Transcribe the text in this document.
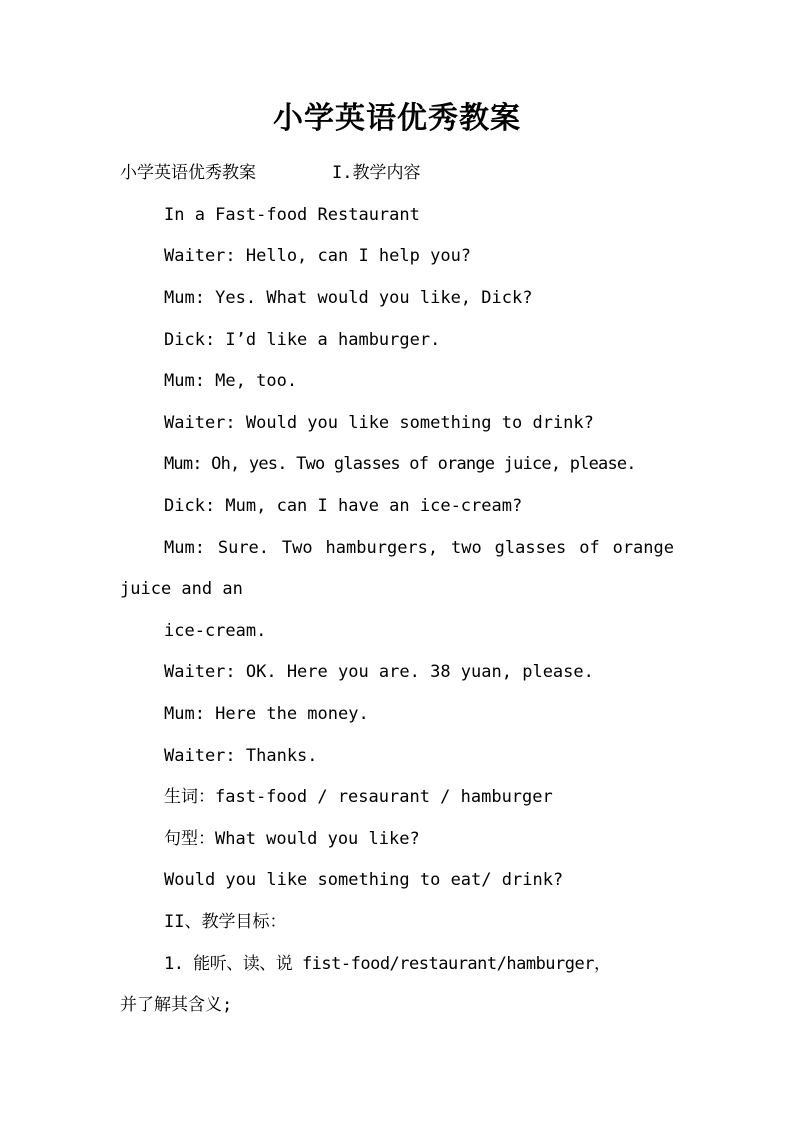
小学英语优秀教案
小学英语优秀教案	I.教学内容
In a Fast-food Restaurant
Waiter: Hello, can I help you?
Mum: Yes. What would you like, Dick?
Dick: I’d like a hamburger.
Mum: Me, too.
Waiter: Would you like something to drink?
Mum: Oh, yes. Two glasses of orange juice, please.
Dick: Mum, can I have an ice-cream?
Mum: Sure. Two hamburgers, two glasses of orange
juice and an
ice-cream.
Waiter: OK. Here you are. 38 yuan, please.
Mum: Here the money.
Waiter: Thanks.
生词：fast-food / resaurant / hamburger
句型：What would you like?
Would you like something to eat/ drink?
II、教学目标：
1. 能听、读、说 fist-food/restaurant/hamburger，
并了解其含义;
